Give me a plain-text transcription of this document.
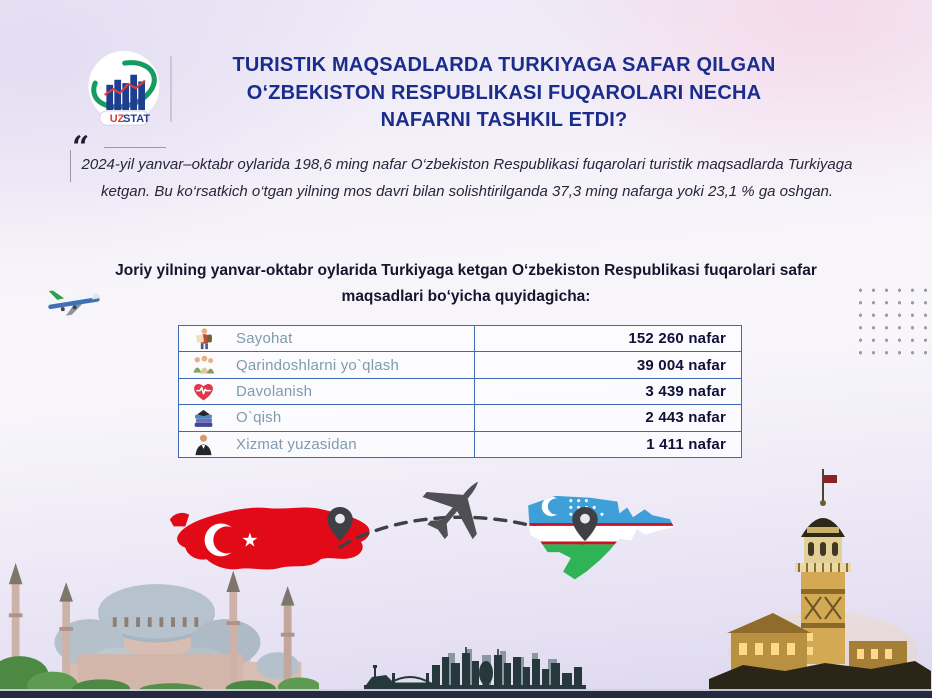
UZ
STAT
TURISTIK MAQSADLARDA TURKIYAGA SAFAR QILGAN
O‘ZBEKISTON RESPUBLIKASI FUQAROLARI NECHA
NAFARNI TASHKIL ETDI?
“
2024-yil yanvar–oktabr oylarida 198,6 ming nafar O‘zbekiston Respublikasi fuqarolari turistik maqsadlarda Turkiyaga ketgan. Bu ko‘rsatkich o‘tgan yilning mos davri bilan solishtirilganda 37,3 ming nafarga yoki 23,1 % ga oshgan.
Joriy yilning yanvar-oktabr oylarida Turkiyaga ketgan O‘zbekiston Respublikasi fuqarolari safar maqsadlari bo‘yicha quyidagicha:
Sayohat	152 260 nafar
Qarindoshlarni yo`qlash	39 004 nafar
Davolanish	3 439 nafar
O`qish	2 443 nafar
Xizmat yuzasidan	1 411 nafar
★
